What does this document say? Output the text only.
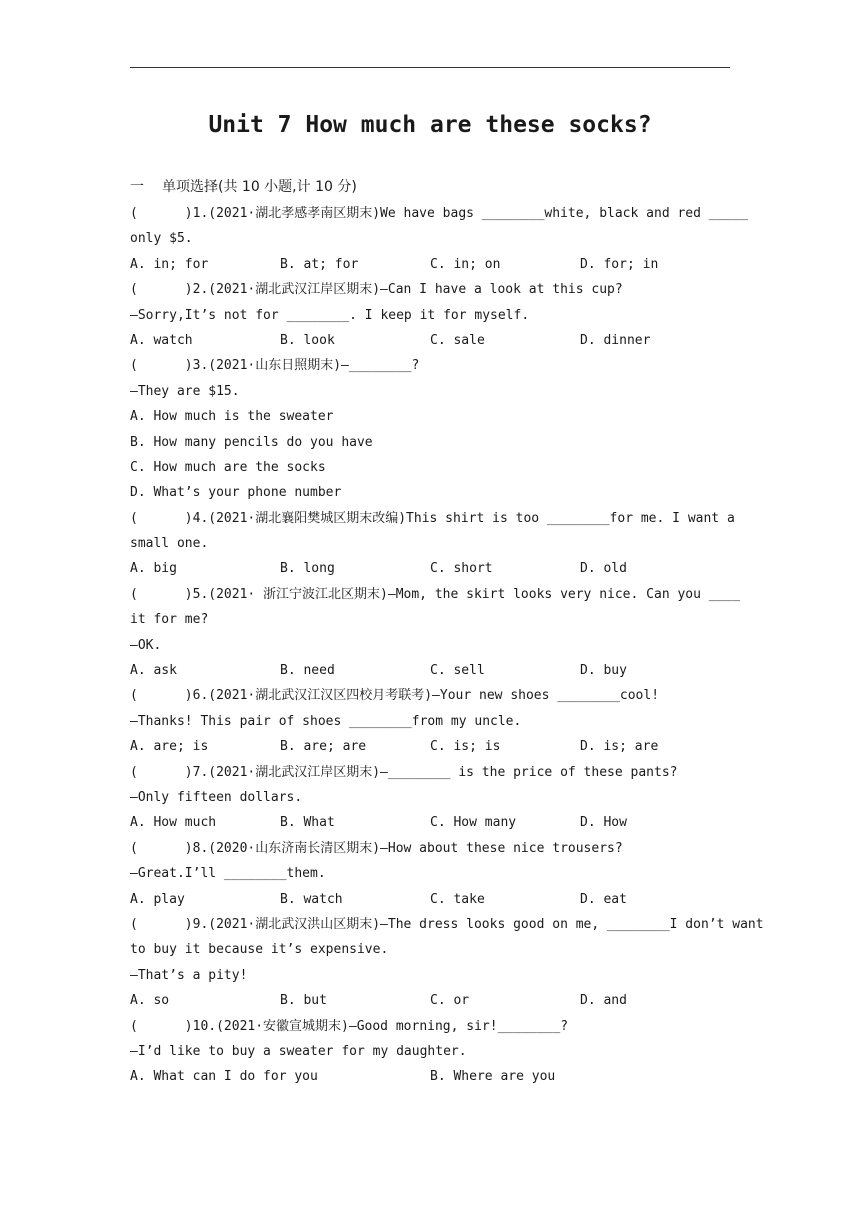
Unit 7 How much are these socks?
一 单项选择(共 10 小题,计 10 分)
(      )1.(2021·湖北孝感孝南区期末)We have bags ________white, black and red _____
only $5.
A. in; for	B. at; for	C. in; on	D. for; in
(      )2.(2021·湖北武汉江岸区期末)—Can I have a look at this cup?
—Sorry,It’s not for ________. I keep it for myself.
A. watch	B. look	C. sale	D. dinner
(      )3.(2021·山东日照期末)—________?
—They are $15.
A. How much is the sweater
B. How many pencils do you have
C. How much are the socks
D. What’s your phone number
(      )4.(2021·湖北襄阳樊城区期末改编)This shirt is too ________for me. I want a
small one.
A. big	B. long	C. short	D. old
(      )5.(2021· 浙江宁波江北区期末)—Mom, the skirt looks very nice. Can you ____
it for me?
—OK.
A. ask	B. need	C. sell	D. buy
(      )6.(2021·湖北武汉江汉区四校月考联考)—Your new shoes ________cool!
—Thanks! This pair of shoes ________from my uncle.
A. are; is	B. are; are	C. is; is	D. is; are
(      )7.(2021·湖北武汉江岸区期末)—________ is the price of these pants?
—Only fifteen dollars.
A. How much	B. What	C. How many	D. How
(      )8.(2020·山东济南长清区期末)—How about these nice trousers?
—Great.I’ll ________them.
A. play	B. watch	C. take	D. eat
(      )9.(2021·湖北武汉洪山区期末)—The dress looks good on me, ________I don’t want
to buy it because it’s expensive.
—That’s a pity!
A. so	B. but	C. or	D. and
(      )10.(2021·安徽宣城期末)—Good morning, sir!________?
—I’d like to buy a sweater for my daughter.
A. What can I do for you	B. Where are you
